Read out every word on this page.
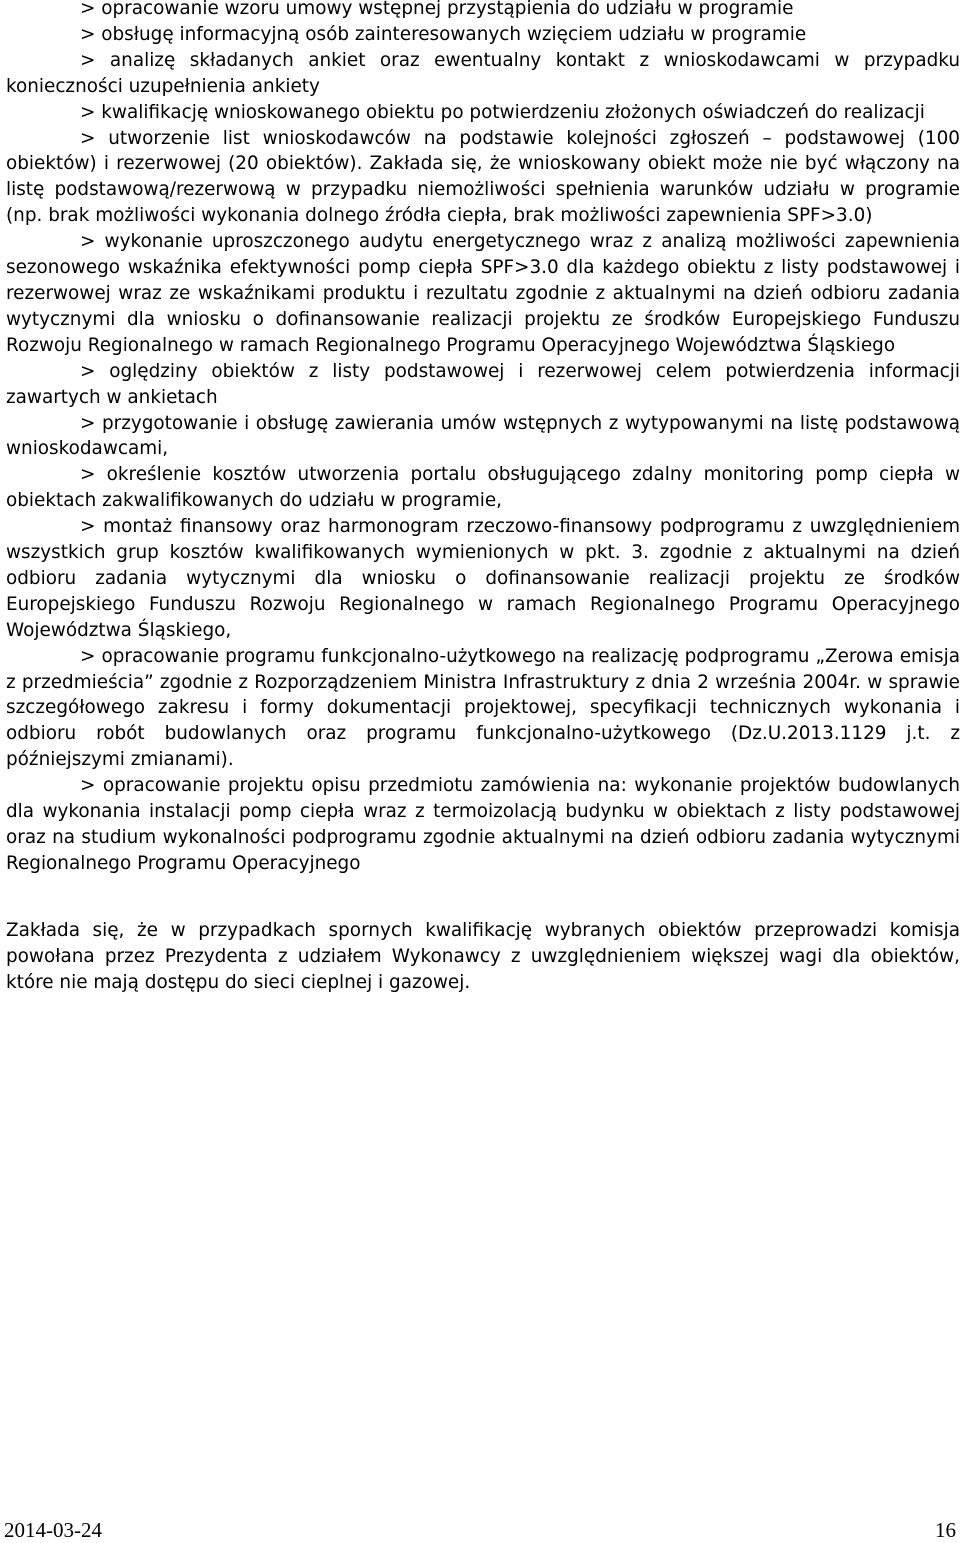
> opracowanie wzoru umowy wstępnej przystąpienia do udziału w programie

> obsługę informacyjną osób zainteresowanych wzięciem udziału w programie

> analizę składanych ankiet oraz ewentualny kontakt z wnioskodawcami w przypadku konieczności uzupełnienia ankiety

> kwalifikację wnioskowanego obiektu po potwierdzeniu złożonych oświadczeń do realizacji

> utworzenie list wnioskodawców na podstawie kolejności zgłoszeń – podstawowej (100 obiektów) i rezerwowej (20 obiektów). Zakłada się, że wnioskowany obiekt może nie być włączony na listę podstawową/rezerwową w przypadku niemożliwości spełnienia warunków udziału w programie (np. brak możliwości wykonania dolnego źródła ciepła, brak możliwości zapewnienia SPF>3.0)

> wykonanie uproszczonego audytu energetycznego wraz z analizą możliwości zapewnienia sezonowego wskaźnika efektywności pomp ciepła SPF>3.0 dla każdego obiektu z listy podstawowej i rezerwowej wraz ze wskaźnikami produktu i rezultatu zgodnie z aktualnymi na dzień odbioru zadania wytycznymi dla wniosku o dofinansowanie realizacji projektu ze środków Europejskiego Funduszu Rozwoju Regionalnego w ramach Regionalnego Programu Operacyjnego Województwa Śląskiego

> oględziny obiektów z listy podstawowej i rezerwowej celem potwierdzenia informacji zawartych w ankietach

> przygotowanie i obsługę zawierania umów wstępnych z wytypowanymi na listę podstawową wnioskodawcami,

> określenie kosztów utworzenia portalu obsługującego zdalny monitoring pomp ciepła w obiektach zakwalifikowanych do udziału w programie,

> montaż finansowy oraz harmonogram rzeczowo-finansowy podprogramu z uwzględnieniem wszystkich grup kosztów kwalifikowanych wymienionych w pkt. 3. zgodnie z aktualnymi na dzień odbioru zadania wytycznymi dla wniosku o dofinansowanie realizacji projektu ze środków Europejskiego Funduszu Rozwoju Regionalnego w ramach Regionalnego Programu Operacyjnego Województwa Śląskiego,

> opracowanie programu funkcjonalno-użytkowego na realizację podprogramu „Zerowa emisja z przedmieścia” zgodnie z Rozporządzeniem Ministra Infrastruktury z dnia 2 września 2004r. w sprawie szczegółowego zakresu i formy dokumentacji projektowej, specyfikacji technicznych wykonania i odbioru robót budowlanych oraz programu funkcjonalno-użytkowego (Dz.U.2013.1129 j.t. z późniejszymi zmianami).

> opracowanie projektu opisu przedmiotu zamówienia na: wykonanie projektów budowlanych dla wykonania instalacji pomp ciepła wraz z termoizolacją budynku w obiektach z listy podstawowej oraz na studium wykonalności podprogramu zgodnie aktualnymi na dzień odbioru zadania wytycznymi Regionalnego Programu Operacyjnego

Zakłada się, że w przypadkach spornych kwalifikację wybranych obiektów przeprowadzi komisja powołana przez Prezydenta z udziałem Wykonawcy z uwzględnieniem większej wagi dla obiektów, które nie mają dostępu do sieci cieplnej i gazowej.

2014-03-24	16
